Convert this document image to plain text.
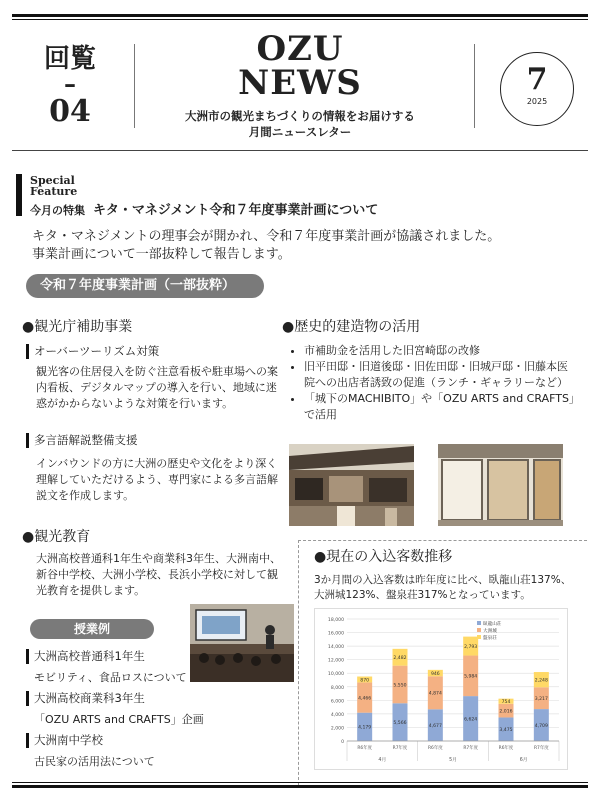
回覧
–
04
OZU
NEWS
大洲市の観光まちづくりの情報をお届けする
月間ニュースレター
7
2025
Special
Feature
今月の特集 キタ・マネジメント令和７年度事業計画について
キタ・マネジメントの理事会が開かれ、令和７年度事業計画が協議されました。
事業計画について一部抜粋して報告します。
令和７年度事業計画（一部抜粋）
●観光庁補助事業
オーバーツーリズム対策
観光客の住居侵入を防ぐ注意看板や駐車場への案内看板、デジタルマップの導入を行い、地域に迷惑がかからないような対策を行います。
多言語解説整備支援
インバウンドの方に大洲の歴史や文化をより深く理解していただけるよう、専門家による多言語解説文を作成します。
●歴史的建造物の活用
• 市補助金を活用した旧宮崎邸の改修
• 旧平田邸・旧道後邸・旧佐田邸・旧城戸邸・旧藤本医院への出店者誘致の促進（ランチ・ギャラリーなど）
• 「城下のMACHIBITO」や「OZU ARTS and CRAFTS」で活用
●観光教育
大洲高校普通科1年生や商業科3年生、大洲南中、新谷中学校、大洲小学校、長浜小学校に対して観光教育を提供します。
授業例
大洲高校普通科1年生
モビリティ、食品ロスについて
大洲高校商業科3年生
「OZU ARTS and CRAFTS」企画
大洲南中学校
古民家の活用法について
●現在の入込客数推移
3か月間の入込客数は昨年度に比べ、臥龍山荘137%、大洲城123%、盤泉荘317%となっています。
0
2,000
4,000
6,000
8,000
10,000
12,000
14,000
16,000
18,000
4,179
4,466
870
R6年度
5,566
5,550
2,482
R7年度
4,677
4,874
946
R6年度
6,624
5,984
2,793
R7年度
3,475
2,016
754
R6年度
4,709
3,217
2,248
R7年度
4月	5月	6月
臥龍山荘
大洲城
盤泉荘
